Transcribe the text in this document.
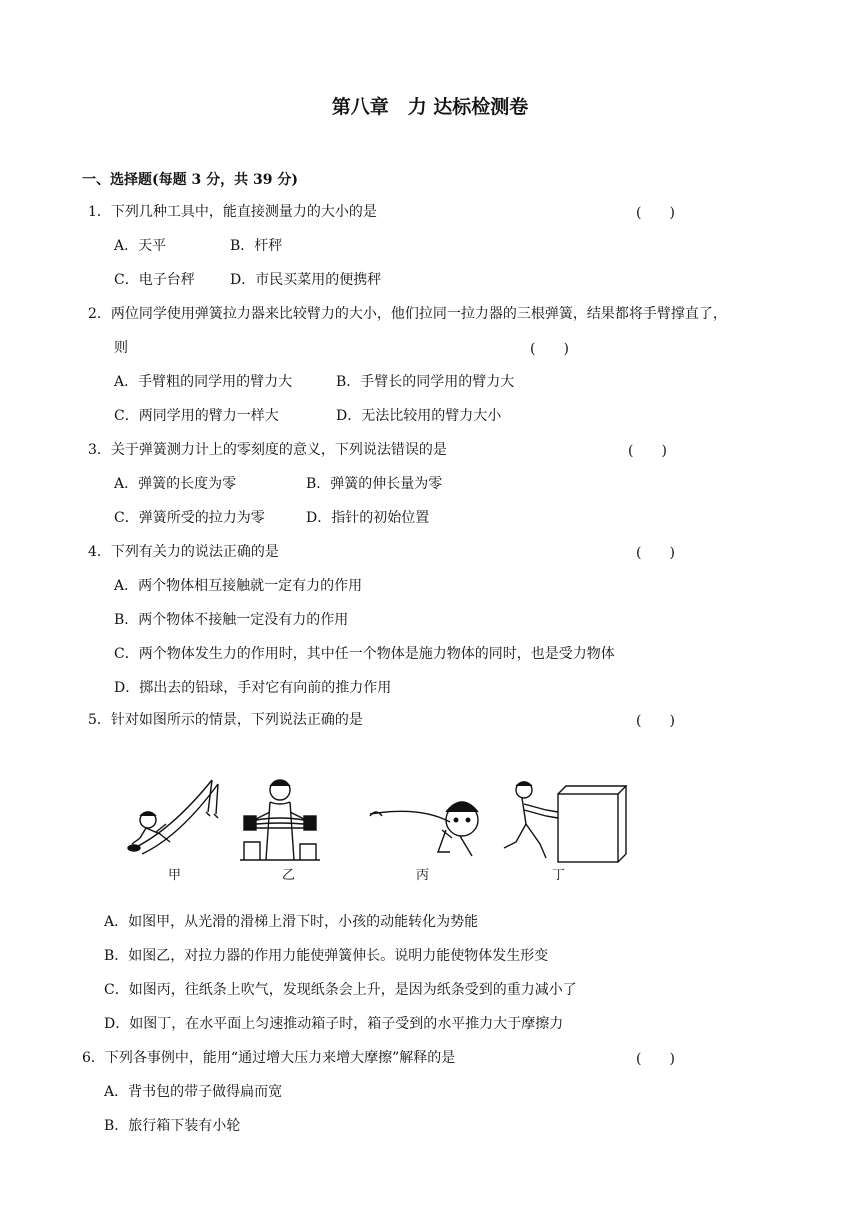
第八章　力 达标检测卷
一、选择题(每题 3 分，共 39 分)
1．下列几种工具中，能直接测量力的大小的是	(　　)
A．天平	B．杆秤
C．电子台秤	D．市民买菜用的便携秤
2．两位同学使用弹簧拉力器来比较臂力的大小，他们拉同一拉力器的三根弹簧，结果都将手臂撑直了，
则	(　　)
A．手臂粗的同学用的臂力大	B．手臂长的同学用的臂力大
C．两同学用的臂力一样大	D．无法比较用的臂力大小
3．关于弹簧测力计上的零刻度的意义，下列说法错误的是	(　　)
A．弹簧的长度为零	B．弹簧的伸长量为零
C．弹簧所受的拉力为零	D．指针的初始位置
4．下列有关力的说法正确的是	(　　)
A．两个物体相互接触就一定有力的作用
B．两个物体不接触一定没有力的作用
C．两个物体发生力的作用时，其中任一个物体是施力物体的同时，也是受力物体
D．掷出去的铅球，手对它有向前的推力作用
5．针对如图所示的情景，下列说法正确的是	(　　)
甲	乙	丙	丁
A．如图甲，从光滑的滑梯上滑下时，小孩的动能转化为势能
B．如图乙，对拉力器的作用力能使弹簧伸长。说明力能使物体发生形变
C．如图丙，往纸条上吹气，发现纸条会上升，是因为纸条受到的重力减小了
D．如图丁，在水平面上匀速推动箱子时，箱子受到的水平推力大于摩擦力
6．下列各事例中，能用“通过增大压力来增大摩擦”解释的是	(　　)
A．背书包的带子做得扁而宽
B．旅行箱下装有小轮
